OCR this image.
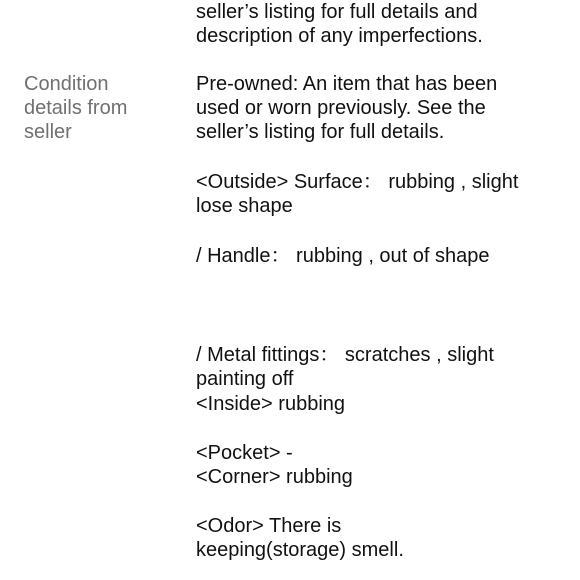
seller’s listing for full details and
description of any imperfections.
Condition
details from
seller
Pre-owned: An item that has been
used or worn previously. See the
seller’s listing for full details.
<Outside> Surface： rubbing , slight
lose shape
/ Handle： rubbing , out of shape
/ Metal fittings： scratches , slight
painting off
<Inside> rubbing
<Pocket> -
<Corner> rubbing
<Odor> There is
keeping(storage) smell.
